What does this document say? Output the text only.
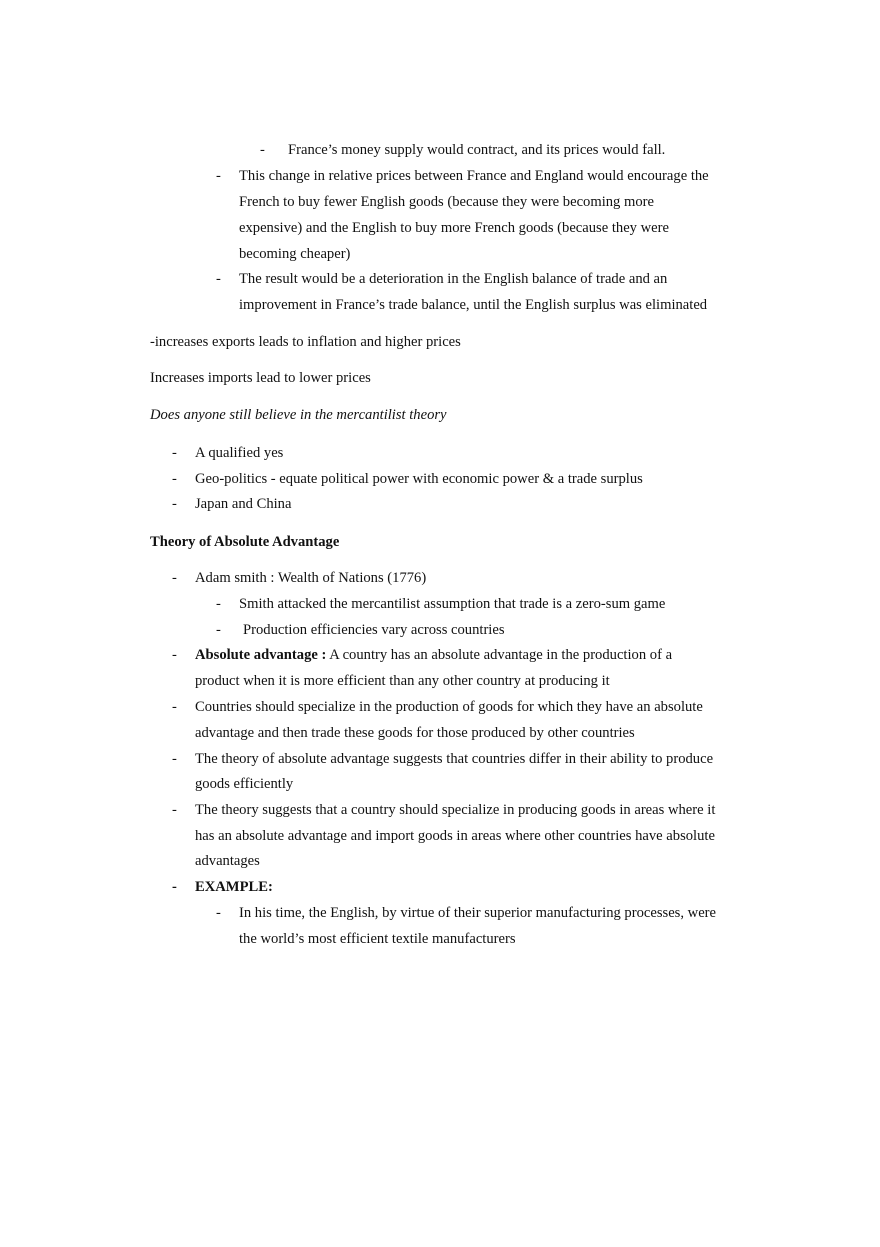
- France’s money supply would contract, and its prices would fall.
- This change in relative prices between France and England would encourage the
French to buy fewer English goods (because they were becoming more
expensive) and the English to buy more French goods (because they were
becoming cheaper)
- The result would be a deterioration in the English balance of trade and an
improvement in France’s trade balance, until the English surplus was eliminated
-increases exports leads to inflation and higher prices
Increases imports lead to lower prices
Does anyone still believe in the mercantilist theory
- A qualified yes
- Geo-politics - equate political power with economic power & a trade surplus
- Japan and China
Theory of Absolute Advantage
- Adam smith : Wealth of Nations (1776)
- Smith attacked the mercantilist assumption that trade is a zero-sum game
- Production efficiencies vary across countries
- Absolute advantage : A country has an absolute advantage in the production of a
product when it is more efficient than any other country at producing it
- Countries should specialize in the production of goods for which they have an absolute
advantage and then trade these goods for those produced by other countries
- The theory of absolute advantage suggests that countries differ in their ability to produce
goods efficiently
- The theory suggests that a country should specialize in producing goods in areas where it
has an absolute advantage and import goods in areas where other countries have absolute
advantages
- EXAMPLE:
- In his time, the English, by virtue of their superior manufacturing processes, were
the world’s most efficient textile manufacturers
